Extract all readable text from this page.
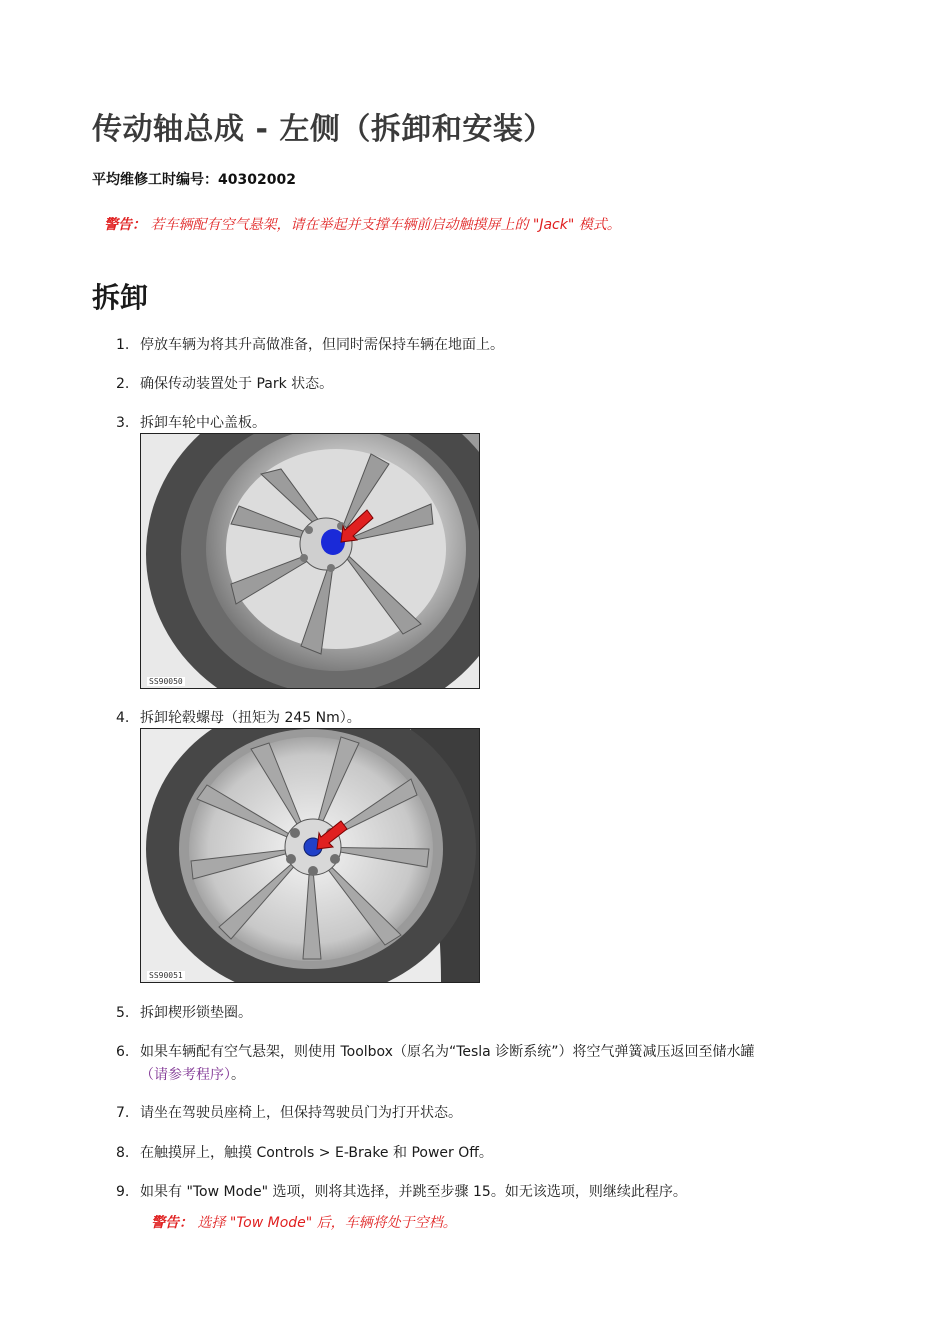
传动轴总成 - 左侧（拆卸和安装）
平均维修工时编号：40302002
警告： 若车辆配有空气悬架，请在举起并支撑车辆前启动触摸屏上的 "Jack" 模式。
拆卸
1. 停放车辆为将其升高做准备，但同时需保持车辆在地面上。
2. 确保传动装置处于 Park 状态。
3. 拆卸车轮中心盖板。
SS90050
4. 拆卸轮毂螺母（扭矩为 245 Nm）。
SS90051
5. 拆卸楔形锁垫圈。
6. 如果车辆配有空气悬架，则使用 Toolbox（原名为“Tesla 诊断系统”）将空气弹簧减压返回至储水罐
（请参考程序）。
7. 请坐在驾驶员座椅上，但保持驾驶员门为打开状态。
8. 在触摸屏上，触摸 Controls > E-Brake 和 Power Off。
9. 如果有 "Tow Mode" 选项，则将其选择，并跳至步骤 15。如无该选项，则继续此程序。
警告： 选择 "Tow Mode" 后，车辆将处于空档。
